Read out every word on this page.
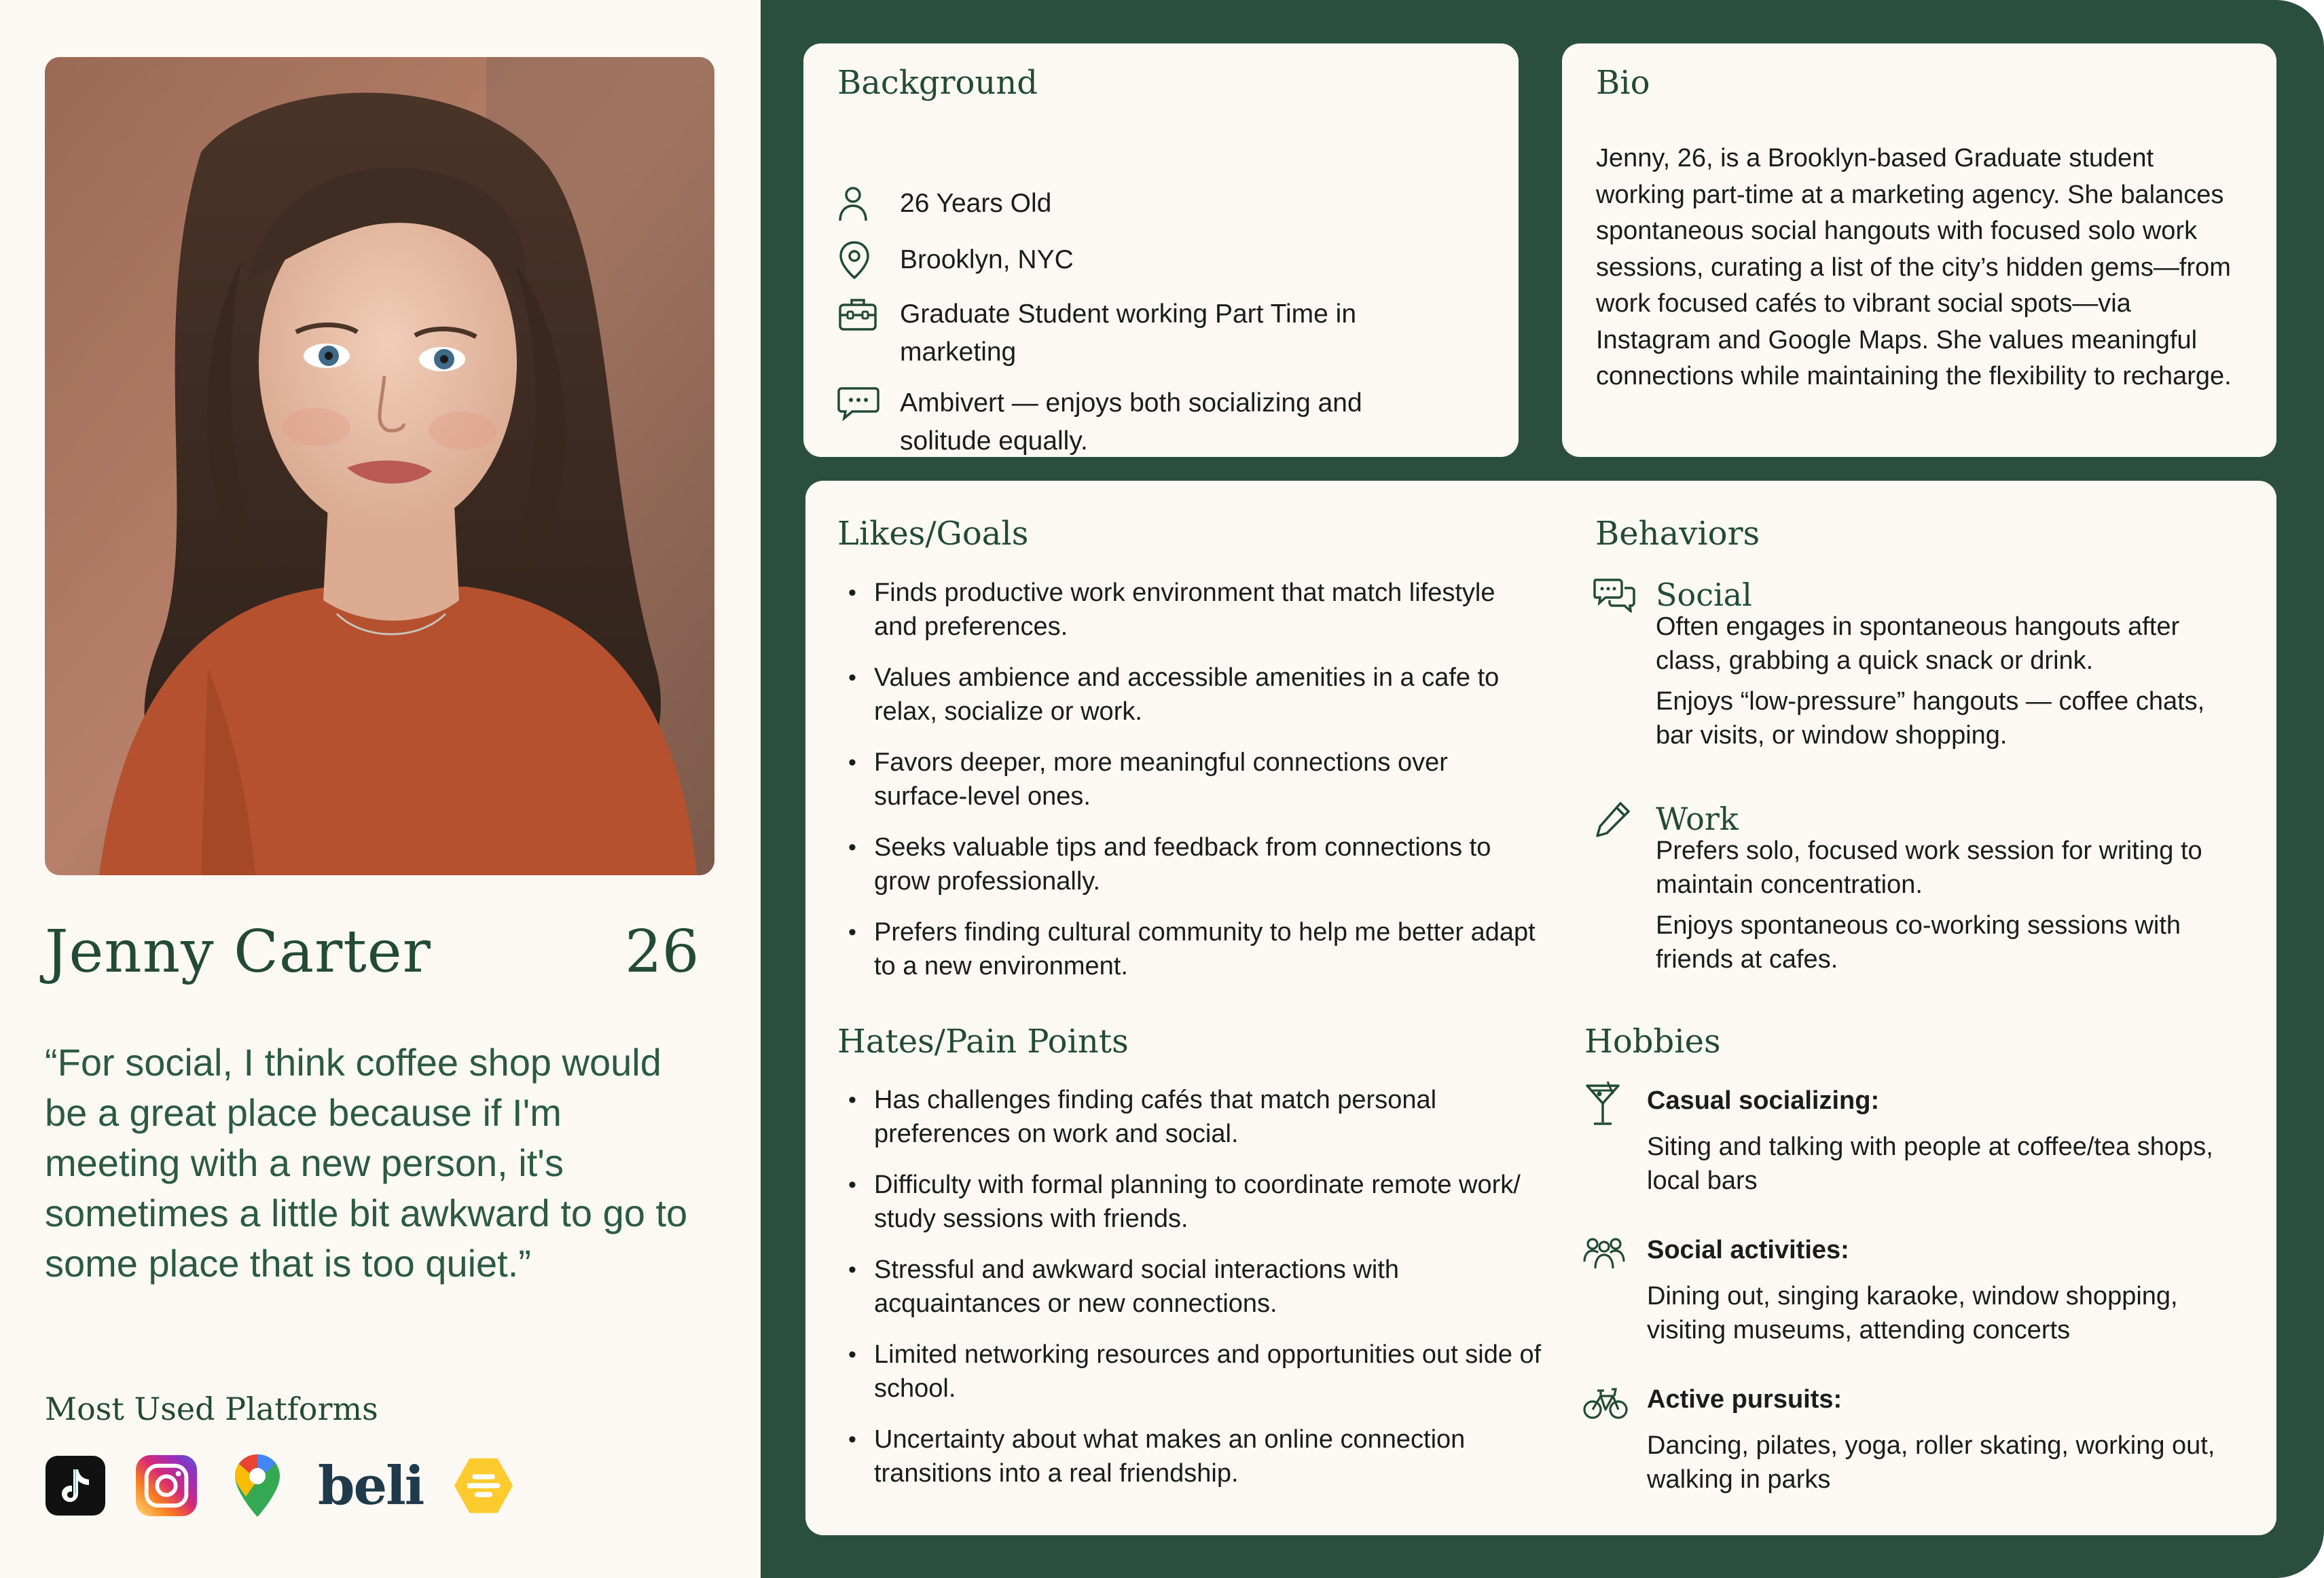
Jenny Carter	26
“For social, I think coffee shop would be a great place because if I'm meeting with a new person, it's sometimes a little bit awkward to go to some place that is too quiet.”
Most Used Platforms
beli
Background
26 Years Old
Brooklyn, NYC
Graduate Student working Part Time in marketing
Ambivert — enjoys both socializing and solitude equally.
Bio
Jenny, 26, is a Brooklyn-based Graduate student working part-time at a marketing agency. She balances spontaneous social hangouts with focused solo work sessions, curating a list of the city’s hidden gems—from work focused cafés to vibrant social spots—via Instagram and Google Maps. She values meaningful connections while maintaining the flexibility to recharge.
Likes/Goals
• Finds productive work environment that match lifestyle and preferences.
• Values ambience and accessible amenities in a cafe to relax, socialize or work.
• Favors deeper, more meaningful connections over surface-level ones.
• Seeks valuable tips and feedback from connections to grow professionally.
• Prefers finding cultural community to help me better adapt to a new environment.
Hates/Pain Points
• Has challenges finding cafés that match personal preferences on work and social.
• Difficulty with formal planning to coordinate remote work/ study sessions with friends.
• Stressful and awkward social interactions with acquaintances or new connections.
• Limited networking resources and opportunities out side of school.
• Uncertainty about what makes an online connection transitions into a real friendship.
Behaviors
Social
Often engages in spontaneous hangouts after class, grabbing a quick snack or drink.
Enjoys “low-pressure” hangouts — coffee chats, bar visits, or window shopping.
Work
Prefers solo, focused work session for writing to maintain concentration.
Enjoys spontaneous co-working sessions with friends at cafes.
Hobbies
Casual socializing:
Siting and talking with people at coffee/tea shops, local bars
Social activities:
Dining out, singing karaoke, window shopping, visiting museums, attending concerts
Active pursuits:
Dancing, pilates, yoga, roller skating, working out, walking in parks
